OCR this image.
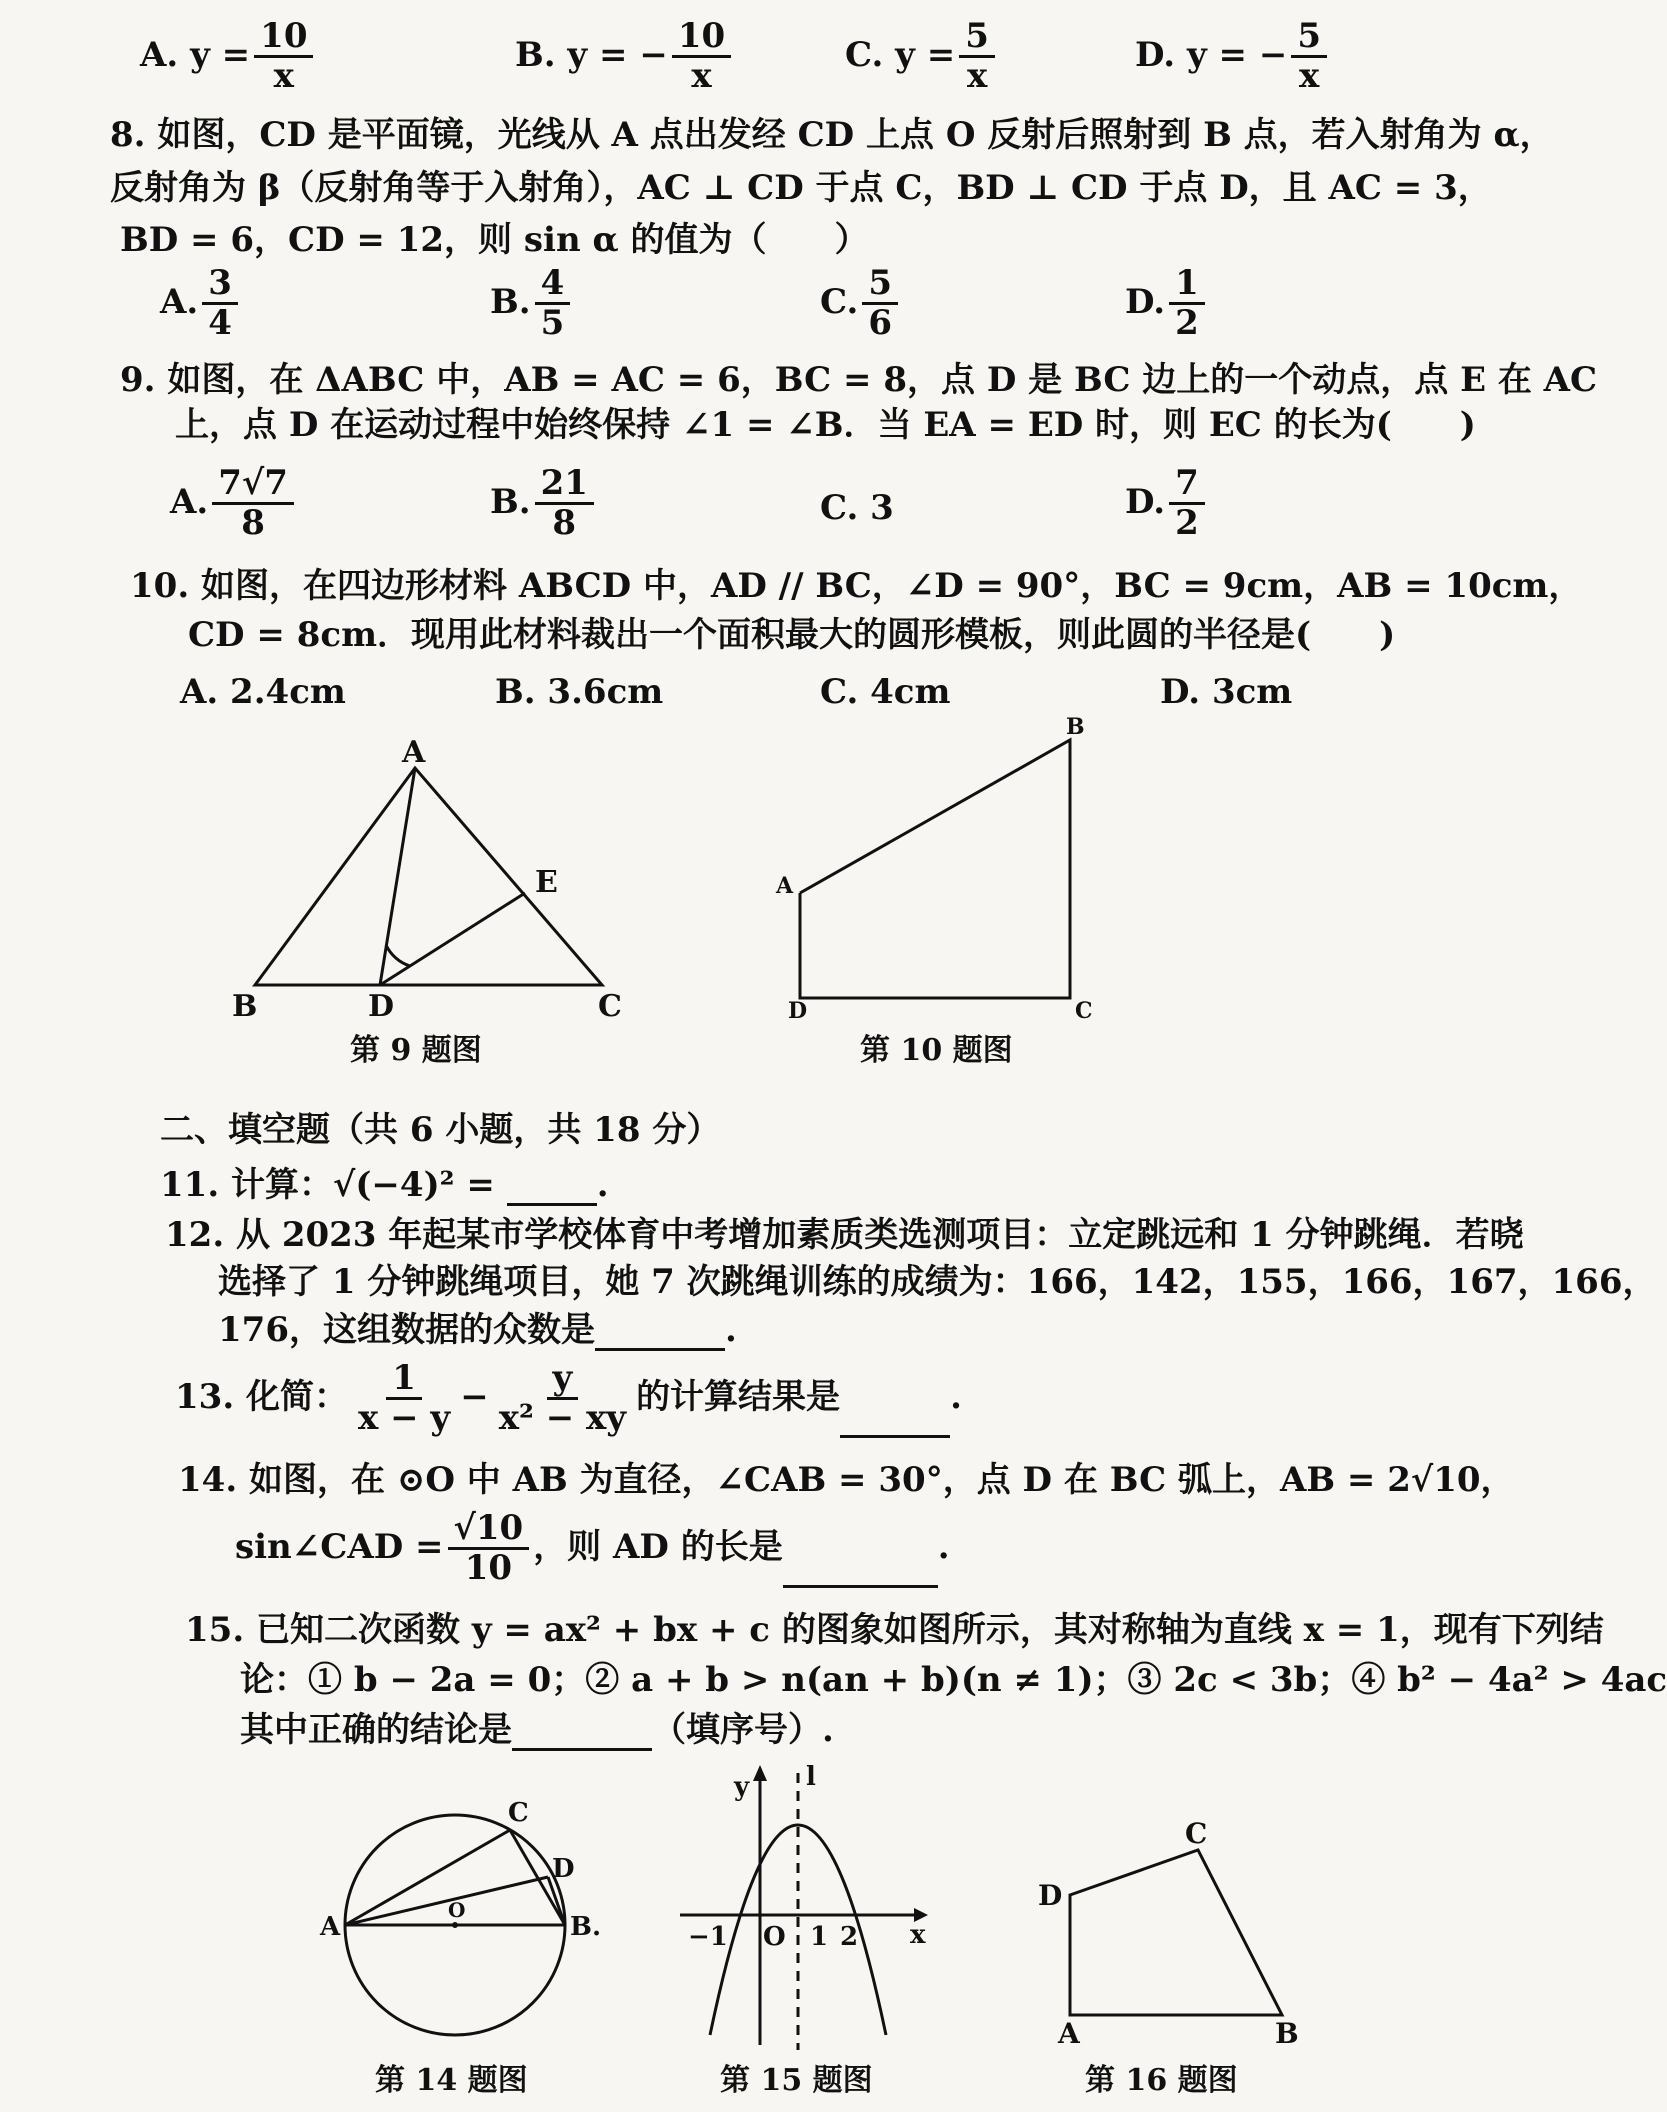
A. $y = \frac{10}{x}$	B. y = − $\frac{10}{x}$	C. $y = \frac{5}{x}$	D. y = − $\frac{5}{x}$
8. 如图，CD 是平面镜，光线从 A 点出发经 CD 上点 O 反射后照射到 B 点，若入射角为 α，
反射角为 β（反射角等于入射角），AC ⊥ CD 于点 C，BD ⊥ CD 于点 D，且 AC = 3，
BD = 6，CD = 12，则 sin α 的值为（　　）
A. $\frac{3}{4}$	B. $\frac{4}{5}$	C. $\frac{5}{6}$	D. $\frac{1}{2}$
9. 如图，在 ΔABC 中，AB = AC = 6，BC = 8，点 D 是 BC 边上的一个动点，点 E 在 AC
上，点 D 在运动过程中始终保持 ∠1 = ∠B．当 EA = ED 时，则 EC 的长为(　　)
A. $\frac{7√7}{8}$	B. $\frac{21}{8}$	C. 3	D. $\frac{7}{2}$
10. 如图，在四边形材料 ABCD 中，AD // BC，∠D = 90°，BC = 9cm，AB = 10cm，
CD = 8cm．现用此材料裁出一个面积最大的圆形模板，则此圆的半径是(　　)
A. 2.4cm	B. 3.6cm	C. 4cm	D. 3cm
A
B	D	C
E
第 9 题图
A
B
C
D
第 10 题图
二、填空题（共 6 小题，共 18 分）
11. 计算：√(−4)² =	.
12. 从 2023 年起某市学校体育中考增加素质类选测项目：立定跳远和 1 分钟跳绳．若晓
选择了 1 分钟跳绳项目，她 7 次跳绳训练的成绩为：166，142，155，166，167，166，
176，这组数据的众数是	.
13. 化简： $\frac{1}{x - y} - \frac{y}{\text{x² − xy}}$ 的计算结果是	.
14. 如图，在 ⊙O 中 AB 为直径，∠CAB = 30°，点 D 在 BC 弧上，AB = 2√10，
sin∠CAD = $\frac{√10}{10}$ ，则 AD 的长是	.
15. 已知二次函数 y = ax² + bx + c 的图象如图所示，其对称轴为直线 x = 1，现有下列结
论：① b − 2a = 0；② a + b > n(an + b)(n ≠ 1)；③ 2c < 3b；④ b² − 4a² > 4ac
其中正确的结论是	（填序号）.
A	B.
C
D
O
第 14 题图
y l
x
−1 O 1 2
第 15 题图
D
C
A	B
第 16 题图
